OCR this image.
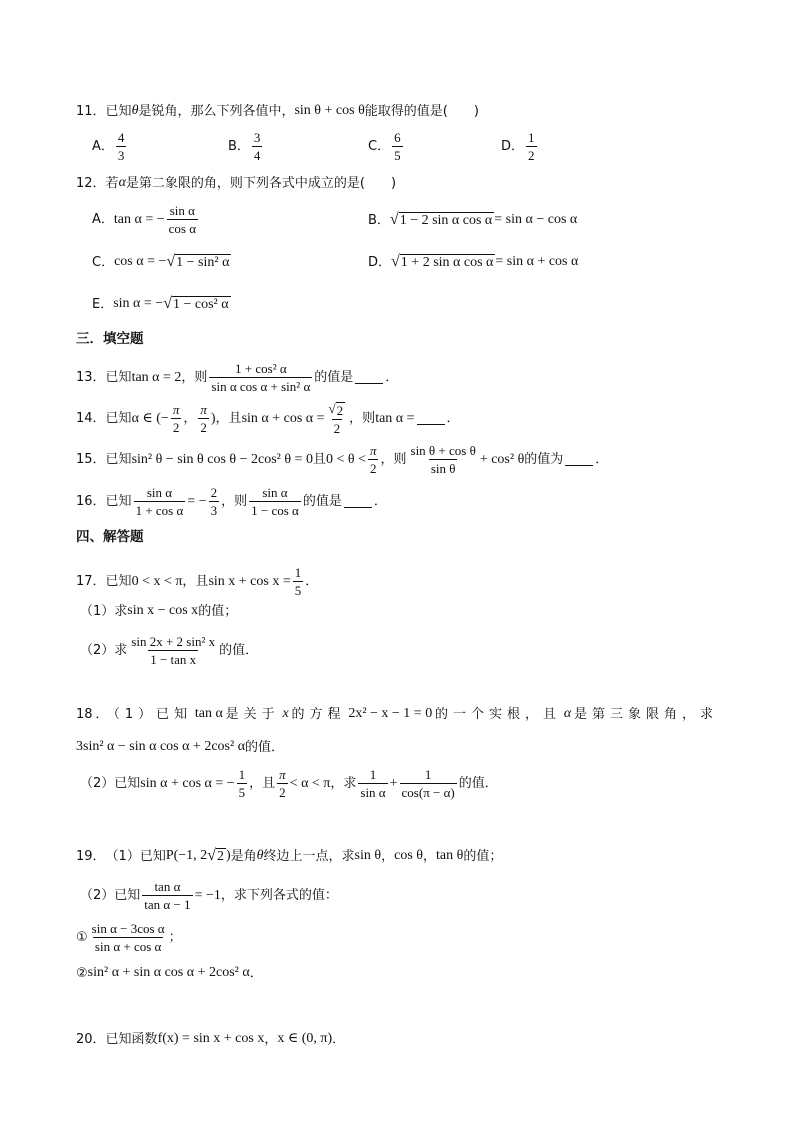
11． 已知 θ 是锐角，那么下列各值中， sin θ + cos θ 能取得的值是(　　)
A． $\frac{4}{3}$	B． $\frac{3}{4}$	C． $\frac{6}{5}$	D． $\frac{1}{2}$
12． 若 α 是第二象限的角，则下列各式中成立的是(　　)
A． tan α = − $\frac{\text{sin α}}{\text{cos α}}$	B． √ 1 − 2 sin α cos α = sin α − cos α
C． cos α = − √ 1 − sin² α	D． √ 1 + 2 sin α cos α = sin α + cos α
E． sin α = − √ 1 − cos² α
三．填空题
13． 已知 tan α = 2 ，则 $\frac{\text{1 + cos² α}}{\text{sin α cos α + sin² α}}$ 的值是 ．
14． 已知 α ∈ (− $\frac{\pi}{2}$ ， $\frac{\pi}{2}$ ) ，且 $\sin \alpha + \cos \alpha = \frac{√ 2}{2}$ ，则 tan α = ．
15． 已知 sin² θ − sin θ cos θ − 2cos² θ = 0 且 $0 < \theta < \frac{\pi}{2}$ ，则 $\frac{\text{sin θ + cos θ}}{\text{sin θ}} + \cos^2$ θ 的值为 ．
16． 已知 $\frac{\text{sin α}}{\text{1 + cos α}}$ = − $\frac{2}{3}$ ，则 $\frac{\text{sin α}}{\text{1 − cos α}}$ 的值是 ．
四、解答题
17． 已知 0 < x < π ，且 $\sin x + \cos x = \frac{1}{5}$ ．
（1）求 sin x − cos x 的值；
（2）求 $\frac{\text{sin 2x + 2 sin² x}}{\text{1 − tan x}}$ 的值．
18 ．（1）已知 tan α 是关于 x 的方程 2x² − x − 1 = 0 的一个实根，且 α 是第三象限角，求
3sin² α − sin α cos α + 2cos² α 的值．
（2）已知 sin α + cos α = − $\frac{1}{5}$ ，且 $\frac{\pi}{2} < \alpha < \pi$ ，求 $\frac{1}{\text{sin α}} + \frac{1}{\cos(\pi - \alpha)}$ 的值．
19． （1）已知 P(−1, 2 √ 2 ) 是角 θ 终边上一点，求 sin θ ， cos θ ， tan θ 的值；
（2）已知 $\frac{\text{tan α}}{\text{tan α − 1}} = -1$ ，求下列各式的值：
① $\frac{\text{sin α − 3cos α}}{\text{sin α + cos α}}$ ；
② sin² α + sin α cos α + 2cos² α ．
20． 已知函数 f(x) = sin x + cos x ， x ∈ (0, π) ．
